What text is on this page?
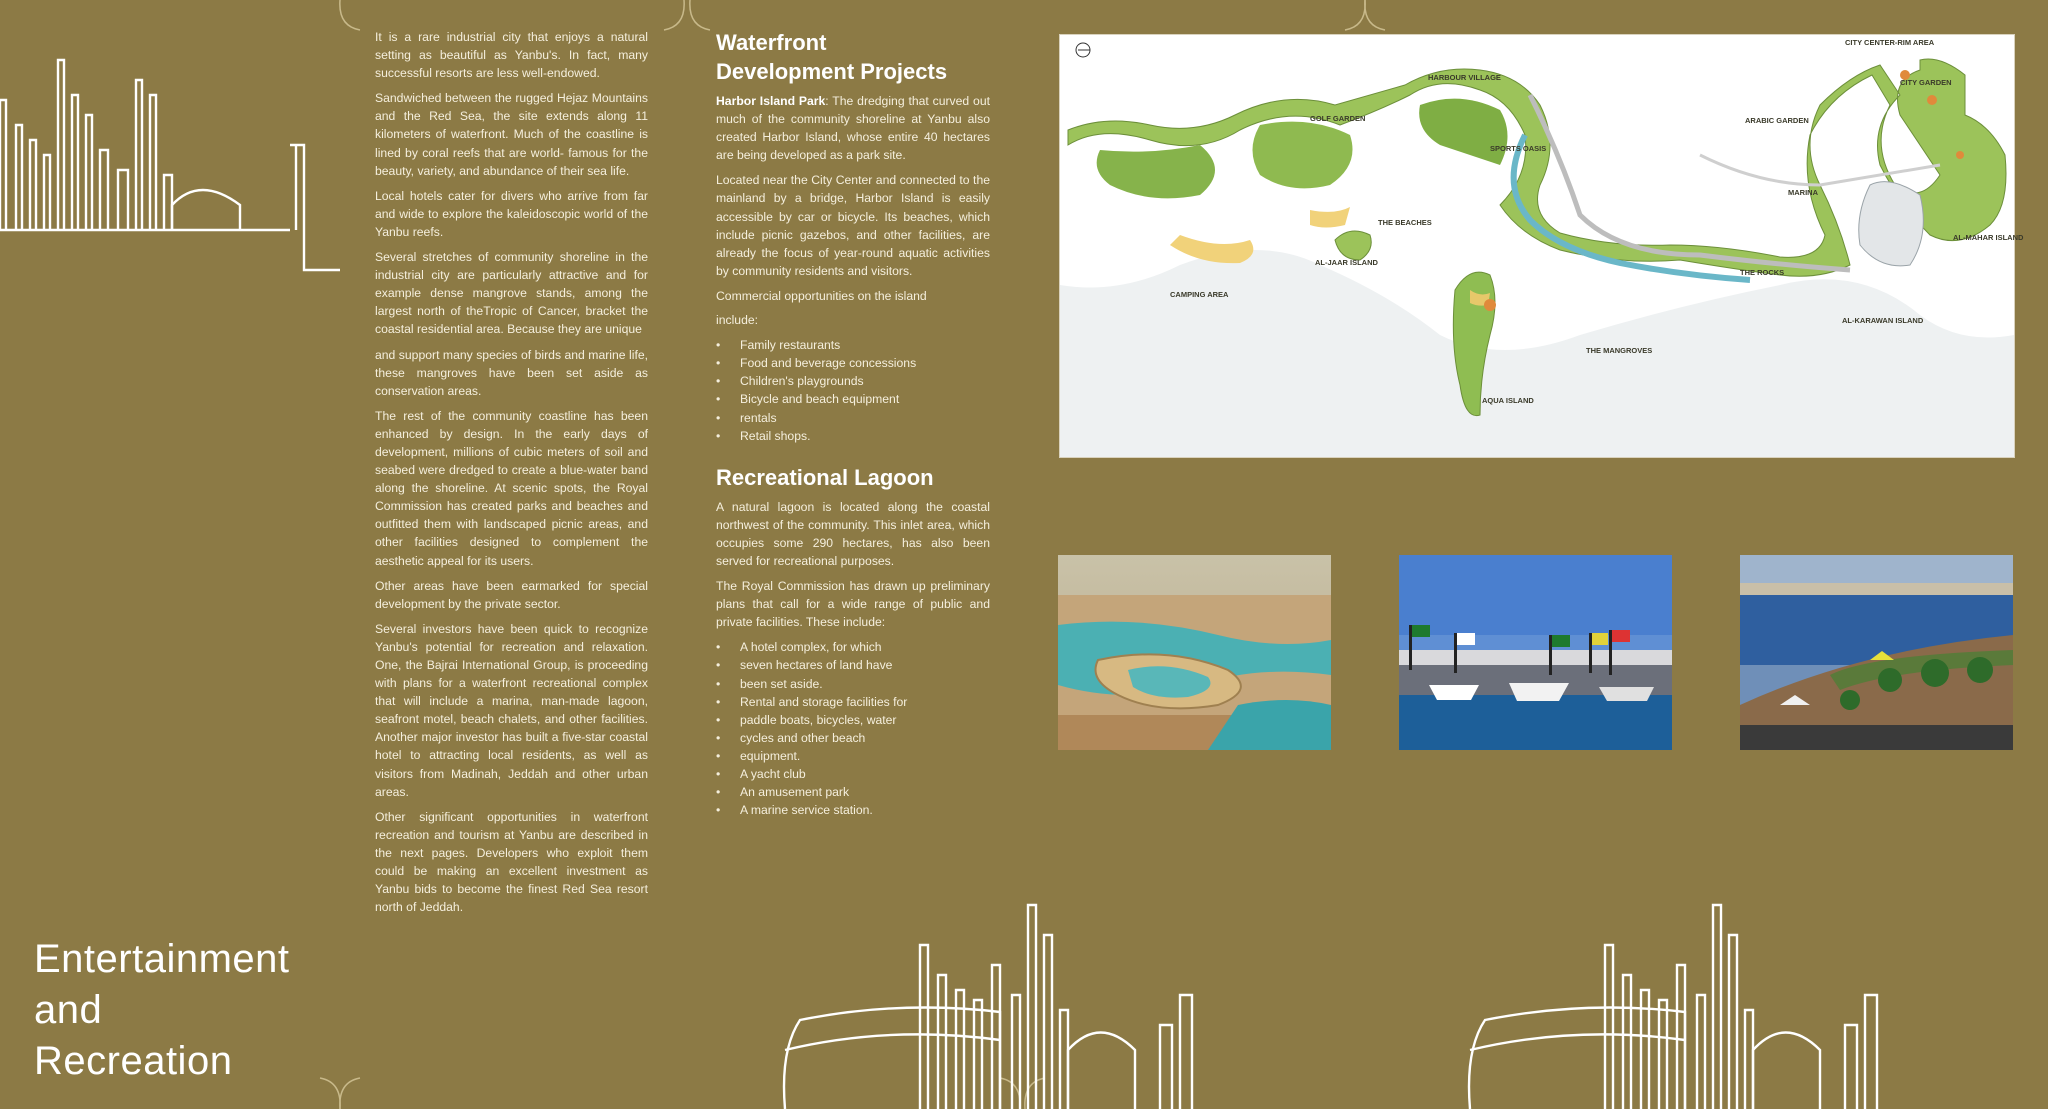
Entertainment
and
Recreation

It is a rare industrial city that enjoys a natural setting as beautiful as Yanbu's. In fact, many successful resorts are less well-endowed.

Sandwiched between the rugged Hejaz Mountains and the Red Sea, the site extends along 11 kilometers of waterfront. Much of the coastline is lined by coral reefs that are world- famous for the beauty, variety, and abundance of their sea life.

Local hotels cater for divers who arrive from far and wide to explore the kaleidoscopic world of the Yanbu reefs.

Several stretches of community shoreline in the industrial city are particularly attractive and for example dense mangrove stands, among the largest north of theTropic of Cancer, bracket the coastal residential area. Because they are unique

and support many species of birds and marine life, these mangroves have been set aside as conservation areas.

The rest of the community coastline has been enhanced by design. In the early days of development, millions of cubic meters of soil and seabed were dredged to create a blue-water band along the shoreline. At scenic spots, the Royal Commission has created parks and beaches and outfitted them with landscaped picnic areas, and other facilities designed to complement the aesthetic appeal for its users.

Other areas have been earmarked for special development by the private sector.

Several investors have been quick to recognize Yanbu's potential for recreation and relaxation. One, the Bajrai International Group, is proceeding with plans for a waterfront recreational complex that will include a marina, man-made lagoon, seafront motel, beach chalets, and other facilities. Another major investor has built a five-star coastal hotel to attracting local residents, as well as visitors from Madinah, Jeddah and other urban areas.

Other significant opportunities in waterfront recreation and tourism at Yanbu are described in the next pages. Developers who exploit them could be making an excellent investment as Yanbu bids to become the finest Red Sea resort north of Jeddah.

Waterfront
Development Projects

Harbor Island Park: The dredging that curved out much of the community shoreline at Yanbu also created Harbor Island, whose entire 40 hectares are being developed as a park site.

Located near the City Center and connected to the mainland by a bridge, Harbor Island is easily accessible by car or bicycle. Its beaches, which include picnic gazebos, and other facilities, are already the focus of year-round aquatic activities by community residents and visitors.

Commercial opportunities on the island

include:

• Family restaurants
• Food and beverage concessions
• Children's playgrounds
• Bicycle and beach equipment
• rentals
• Retail shops.
Recreational Lagoon

A natural lagoon is located along the coastal northwest of the community. This inlet area, which occupies some 290 hectares, has also been served for recreational purposes.

The Royal Commission has drawn up preliminary plans that call for a wide range of public and private facilities. These include:

• A hotel complex, for which
• seven hectares of land have
• been set aside.
• Rental and storage facilities for
• paddle boats, bicycles, water
• cycles and other beach
• equipment.
• A yacht club
• An amusement park
• A marine service station.
HARBOUR VILLAGE
GOLF GARDEN
SPORTS OASIS
THE BEACHES
AL-JAAR ISLAND
CAMPING AREA
THE MANGROVES
AQUA ISLAND
CITY CENTER-RIM AREA
CITY GARDEN
ARABIC GARDEN
MARINA
THE ROCKS
AL-MAHAR ISLAND
AL-KARAWAN ISLAND
